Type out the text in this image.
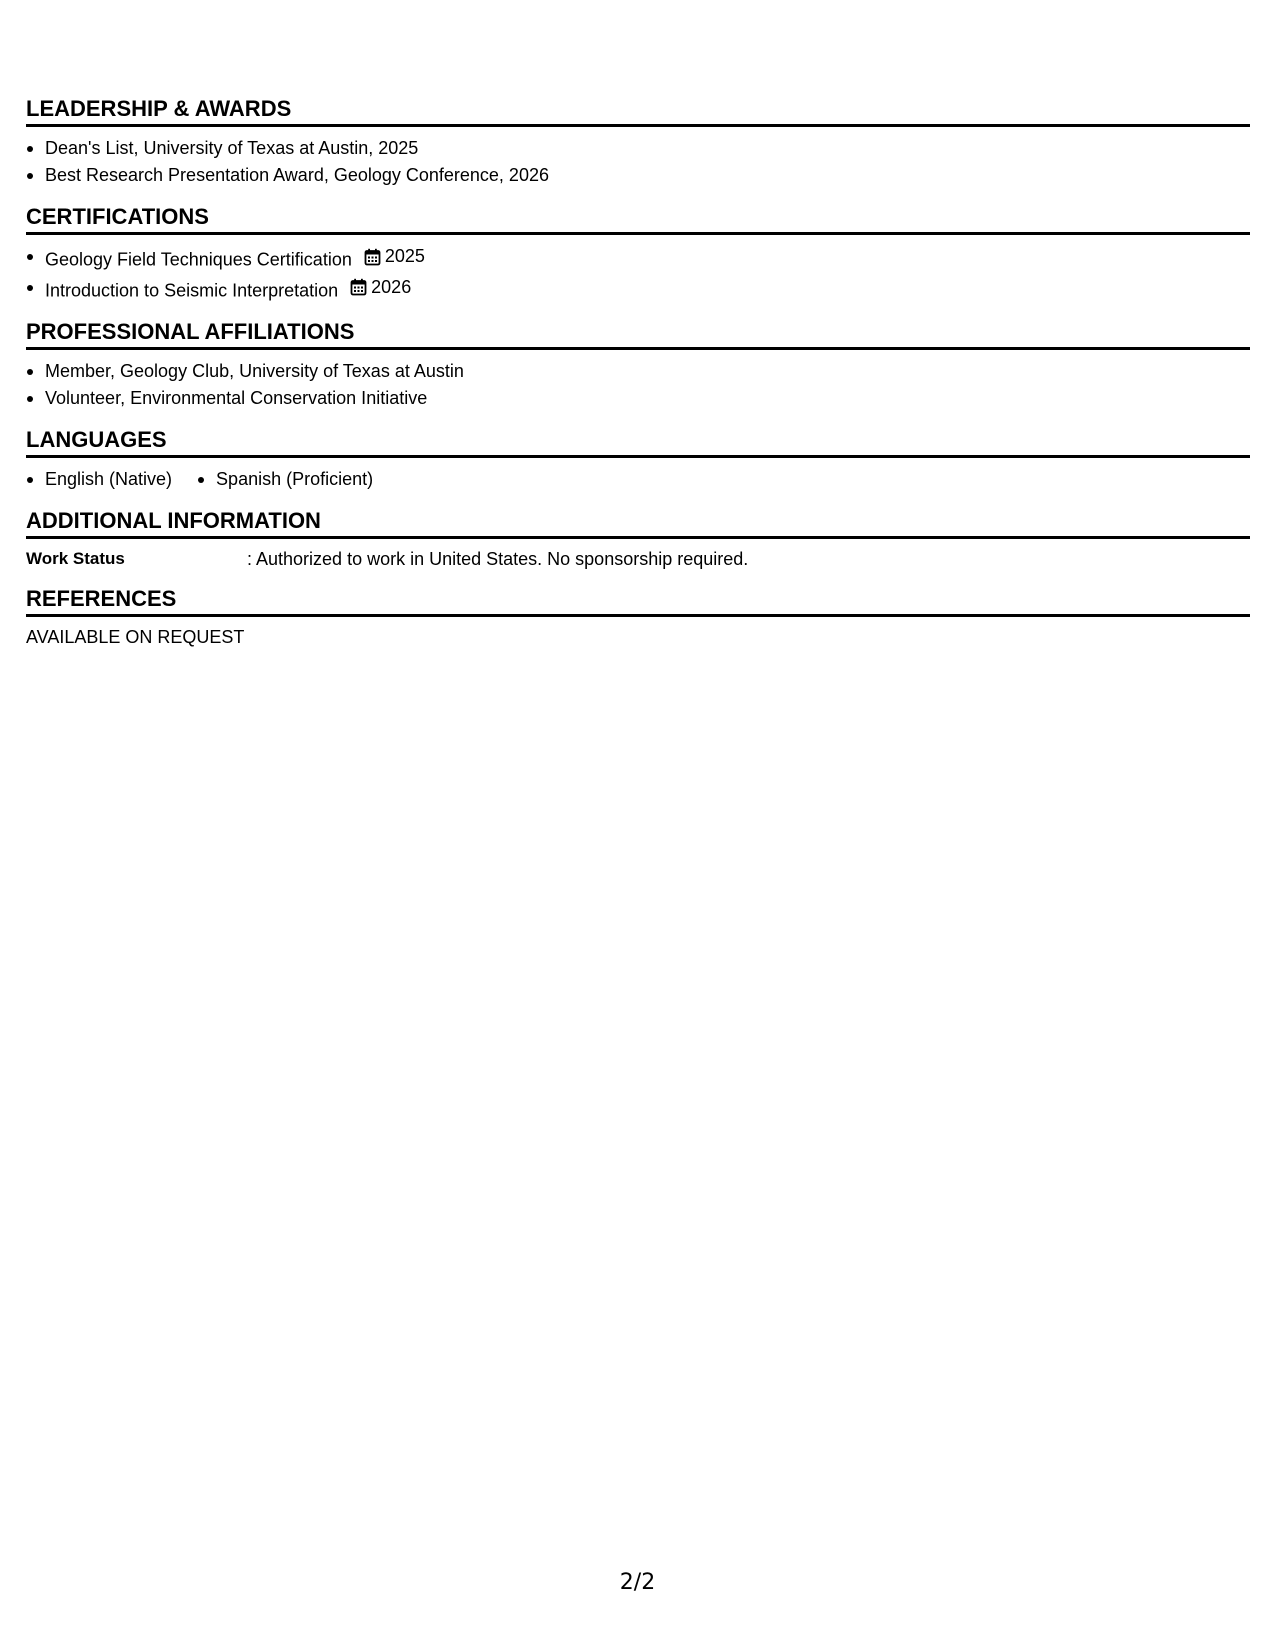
LEADERSHIP & AWARDS
Dean's List, University of Texas at Austin, 2025
Best Research Presentation Award, Geology Conference, 2026
CERTIFICATIONS
Geology Field Techniques Certification 2025
Introduction to Seismic Interpretation 2026
PROFESSIONAL AFFILIATIONS
Member, Geology Club, University of Texas at Austin
Volunteer, Environmental Conservation Initiative
LANGUAGES
English (Native)	Spanish (Proficient)
ADDITIONAL INFORMATION
Work Status	: Authorized to work in United States. No sponsorship required.
REFERENCES
AVAILABLE ON REQUEST
2/2
